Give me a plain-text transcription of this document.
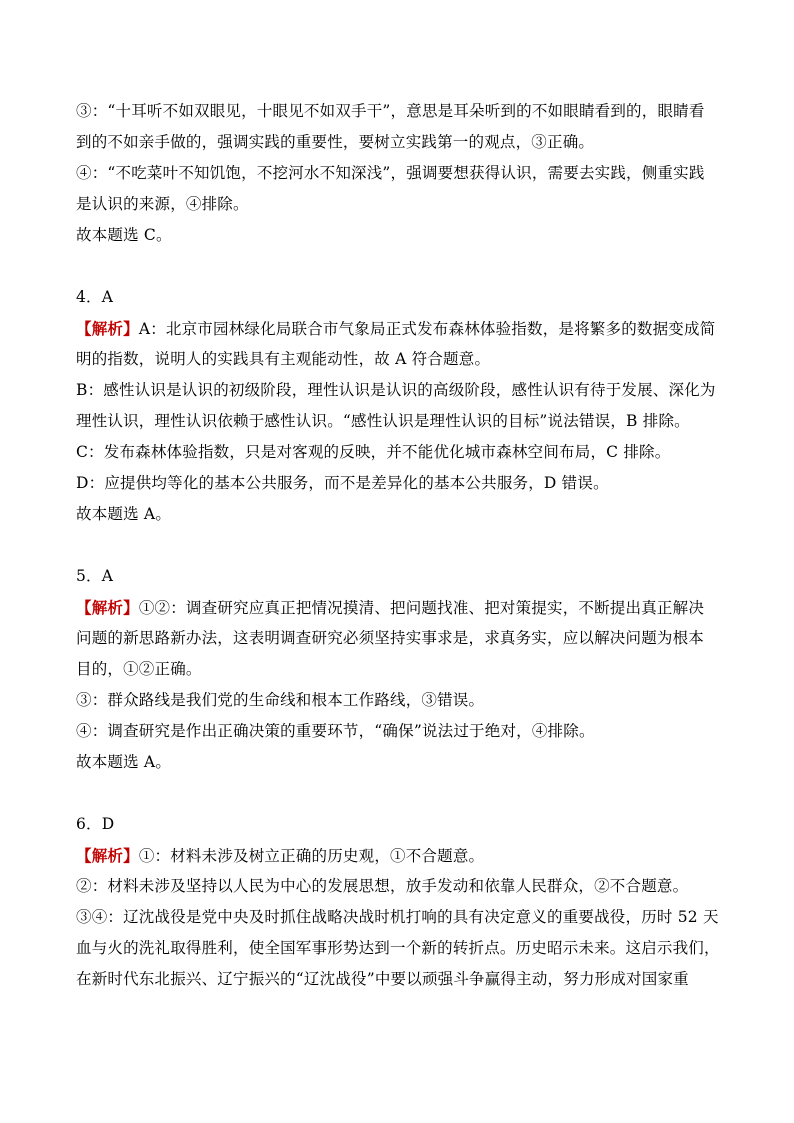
③：“十耳听不如双眼见，十眼见不如双手干”，意思是耳朵听到的不如眼睛看到的，眼睛看
到的不如亲手做的，强调实践的重要性，要树立实践第一的观点，③正确。
④：“不吃菜叶不知饥饱，不挖河水不知深浅”，强调要想获得认识，需要去实践，侧重实践
是认识的来源，④排除。
故本题选 C。
4．A
【解析】A：北京市园林绿化局联合市气象局正式发布森林体验指数，是将繁多的数据变成简
明的指数，说明人的实践具有主观能动性，故 A 符合题意。
B：感性认识是认识的初级阶段，理性认识是认识的高级阶段，感性认识有待于发展、深化为
理性认识，理性认识依赖于感性认识。“感性认识是理性认识的目标”说法错误，B 排除。
C：发布森林体验指数，只是对客观的反映，并不能优化城市森林空间布局，C 排除。
D：应提供均等化的基本公共服务，而不是差异化的基本公共服务，D 错误。
故本题选 A。
5．A
【解析】①②：调查研究应真正把情况摸清、把问题找准、把对策提实，不断提出真正解决
问题的新思路新办法，这表明调查研究必须坚持实事求是，求真务实，应以解决问题为根本
目的，①②正确。
③：群众路线是我们党的生命线和根本工作路线，③错误。
④：调查研究是作出正确决策的重要环节，“确保”说法过于绝对，④排除。
故本题选 A。
6．D
【解析】①：材料未涉及树立正确的历史观，①不合题意。
②：材料未涉及坚持以人民为中心的发展思想，放手发动和依靠人民群众，②不合题意。
③④：辽沈战役是党中央及时抓住战略决战时机打响的具有决定意义的重要战役，历时 52 天
血与火的洗礼取得胜利，使全国军事形势达到一个新的转折点。历史昭示未来。这启示我们，
在新时代东北振兴、辽宁振兴的“辽沈战役”中要以顽强斗争赢得主动，努力形成对国家重
